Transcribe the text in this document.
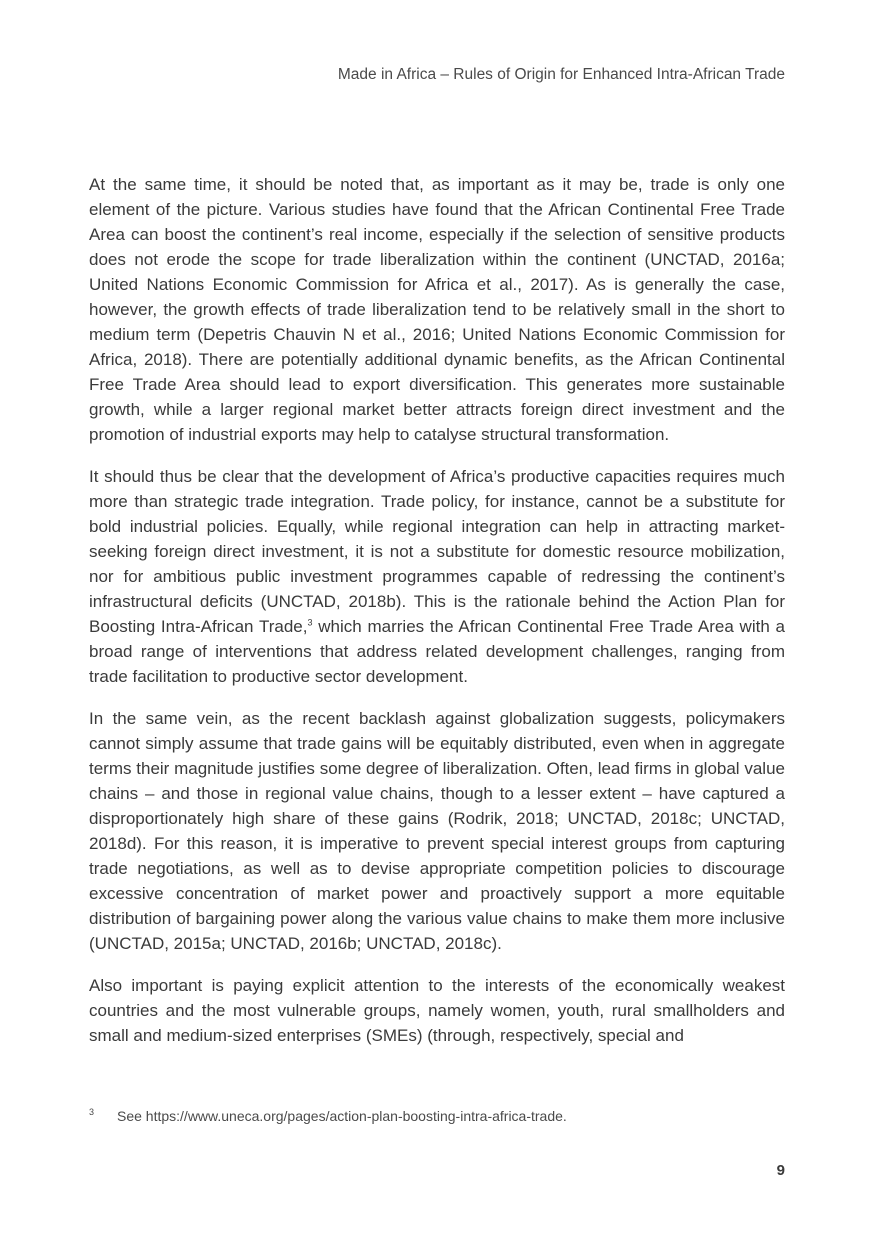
Made in Africa – Rules of Origin for Enhanced Intra-African Trade

At the same time, it should be noted that, as important as it may be, trade is only one element of the picture. Various studies have found that the African Continental Free Trade Area can boost the continent’s real income, especially if the selection of sensitive products does not erode the scope for trade liberalization within the continent (UNCTAD, 2016a; United Nations Economic Commission for Africa et al., 2017). As is generally the case, however, the growth effects of trade liberalization tend to be relatively small in the short to medium term (Depetris Chauvin N et al., 2016; United Nations Economic Commission for Africa, 2018). There are potentially additional dynamic benefits, as the African Continental Free Trade Area should lead to export diversification. This generates more sustainable growth, while a larger regional market better attracts foreign direct investment and the promotion of industrial exports may help to catalyse structural transformation.

It should thus be clear that the development of Africa’s productive capacities requires much more than strategic trade integration. Trade policy, for instance, cannot be a substitute for bold industrial policies. Equally, while regional integration can help in attracting market-seeking foreign direct investment, it is not a substitute for domestic resource mobilization, nor for ambitious public investment programmes capable of redressing the continent’s infrastructural deficits (UNCTAD, 2018b). This is the rationale behind the Action Plan for Boosting Intra-African Trade,$^3$ which marries the African Continental Free Trade Area with a broad range of interventions that address related development challenges, ranging from trade facilitation to productive sector development.

In the same vein, as the recent backlash against globalization suggests, policymakers cannot simply assume that trade gains will be equitably distributed, even when in aggregate terms their magnitude justifies some degree of liberalization. Often, lead firms in global value chains – and those in regional value chains, though to a lesser extent – have captured a disproportionately high share of these gains (Rodrik, 2018; UNCTAD, 2018c; UNCTAD, 2018d). For this reason, it is imperative to prevent special interest groups from capturing trade negotiations, as well as to devise appropriate competition policies to discourage excessive concentration of market power and proactively support a more equitable distribution of bargaining power along the various value chains to make them more inclusive (UNCTAD, 2015a; UNCTAD, 2016b; UNCTAD, 2018c).

Also important is paying explicit attention to the interests of the economically weakest countries and the most vulnerable groups, namely women, youth, rural smallholders and small and medium-sized enterprises (SMEs) (through, respectively, special and

3 See https://www.uneca.org/pages/action-plan-boosting-intra-africa-trade.
9
